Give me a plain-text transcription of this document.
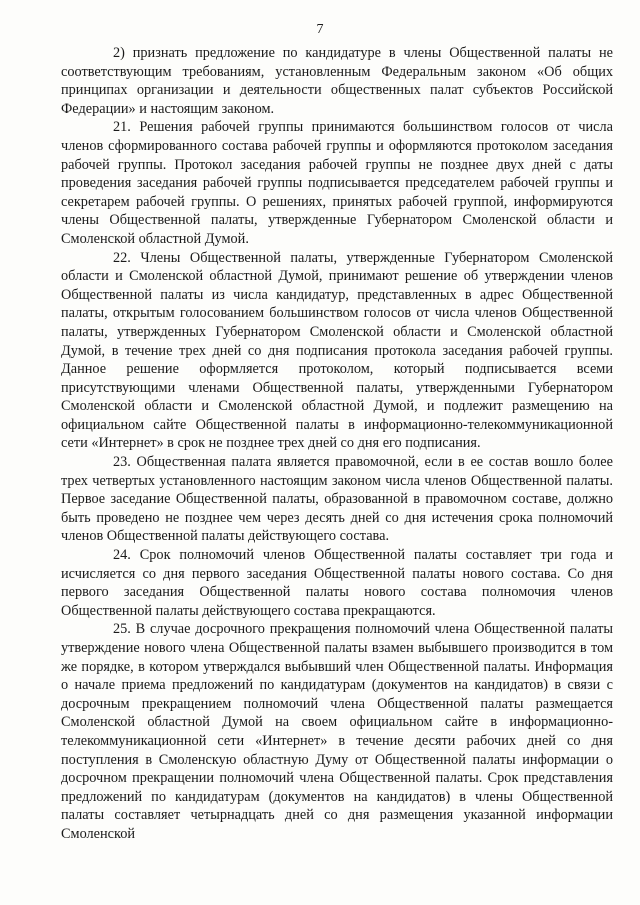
7

2) признать предложение по кандидатуре в члены Общественной палаты не соответствующим требованиям, установленным Федеральным законом «Об общих принципах организации и деятельности общественных палат субъектов Российской Федерации» и настоящим законом.

21. Решения рабочей группы принимаются большинством голосов от числа членов сформированного состава рабочей группы и оформляются протоколом заседания рабочей группы. Протокол заседания рабочей группы не позднее двух дней с даты проведения заседания рабочей группы подписывается председателем рабочей группы и секретарем рабочей группы. О решениях, принятых рабочей группой, информируются члены Общественной палаты, утвержденные Губернатором Смоленской области и Смоленской областной Думой.

22. Члены Общественной палаты, утвержденные Губернатором Смоленской области и Смоленской областной Думой, принимают решение об утверждении членов Общественной палаты из числа кандидатур, представленных в адрес Общественной палаты, открытым голосованием большинством голосов от числа членов Общественной палаты, утвержденных Губернатором Смоленской области и Смоленской областной Думой, в течение трех дней со дня подписания протокола заседания рабочей группы. Данное решение оформляется протоколом, который подписывается всеми присутствующими членами Общественной палаты, утвержденными Губернатором Смоленской области и Смоленской областной Думой, и подлежит размещению на официальном сайте Общественной палаты в информационно-телекоммуникационной сети «Интернет» в срок не позднее трех дней со дня его подписания.

23. Общественная палата является правомочной, если в ее состав вошло более трех четвертых установленного настоящим законом числа членов Общественной палаты. Первое заседание Общественной палаты, образованной в правомочном составе, должно быть проведено не позднее чем через десять дней со дня истечения срока полномочий членов Общественной палаты действующего состава.

24. Срок полномочий членов Общественной палаты составляет три года и исчисляется со дня первого заседания Общественной палаты нового состава. Со дня первого заседания Общественной палаты нового состава полномочия членов Общественной палаты действующего состава прекращаются.

25. В случае досрочного прекращения полномочий члена Общественной палаты утверждение нового члена Общественной палаты взамен выбывшего производится в том же порядке, в котором утверждался выбывший член Общественной палаты. Информация о начале приема предложений по кандидатурам (документов на кандидатов) в связи с досрочным прекращением полномочий члена Общественной палаты размещается Смоленской областной Думой на своем официальном сайте в информационно-телекоммуникационной сети «Интернет» в течение десяти рабочих дней со дня поступления в Смоленскую областную Думу от Общественной палаты информации о досрочном прекращении полномочий члена Общественной палаты. Срок представления предложений по кандидатурам (документов на кандидатов) в члены Общественной палаты составляет четырнадцать дней со дня размещения указанной информации Смоленской
